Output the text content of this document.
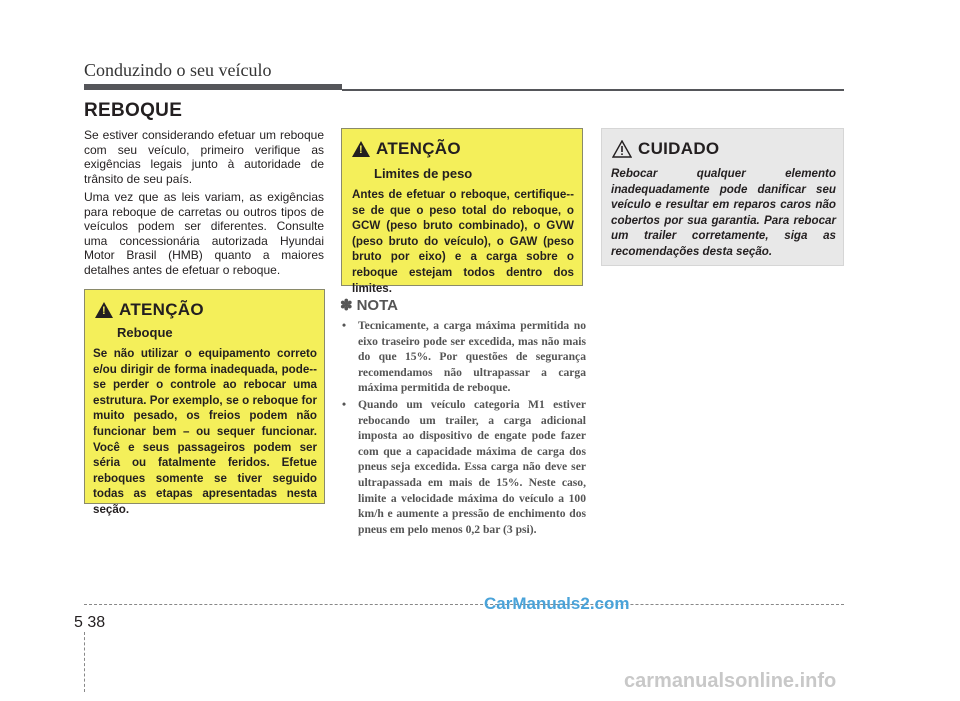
Conduzindo o seu veículo
REBOQUE

Se estiver considerando efetuar um reboque com seu veículo, primeiro verifique as exigências legais junto à autoridade de trânsito de seu país.

Uma vez que as leis variam, as exigências para reboque de carretas ou outros tipos de veículos podem ser diferentes. Consulte uma concessionária autorizada Hyundai Motor Brasil (HMB) quanto a maiores detalhes antes de efetuar o reboque.

!
ATENÇÃO
Reboque

Se não utilizar o equipamento correto e/ou dirigir de forma inadequada, pode--se perder o controle ao rebocar uma estrutura. Por exemplo, se o reboque for muito pesado, os freios podem não funcionar bem – ou sequer funcionar. Você e seus passageiros podem ser séria ou fatalmente feridos. Efetue reboques somente se tiver seguido todas as etapas apresentadas nesta seção.

!
ATENÇÃO
Limites de peso

Antes de efetuar o reboque, certifique--se de que o peso total do reboque, o GCW (peso bruto combinado), o GVW (peso bruto do veículo), o GAW (peso bruto por eixo) e a carga sobre o reboque estejam todos dentro dos limites.

CUIDADO

Rebocar qualquer elemento inadequadamente pode danificar seu veículo e resultar em reparos caros não cobertos por sua garantia. Para rebocar um trailer corretamente, siga as recomendações desta seção.

✽ NOTA
• Tecnicamente, a carga máxima permitida no eixo traseiro pode ser excedida, mas não mais do que 15%. Por questões de segurança recomendamos não ultrapassar a carga máxima permitida de reboque.
• Quando um veículo categoria M1 estiver rebocando um trailer, a carga adicional imposta ao dispositivo de engate pode fazer com que a capacidade máxima de carga dos pneus seja excedida. Essa carga não deve ser ultrapassada em mais de 15%. Neste caso, limite a velocidade máxima do veículo a 100 km/h e aumente a pressão de enchimento dos pneus em pelo menos 0,2 bar (3 psi).
5 38
CarManuals2.com
carmanualsonline.info
